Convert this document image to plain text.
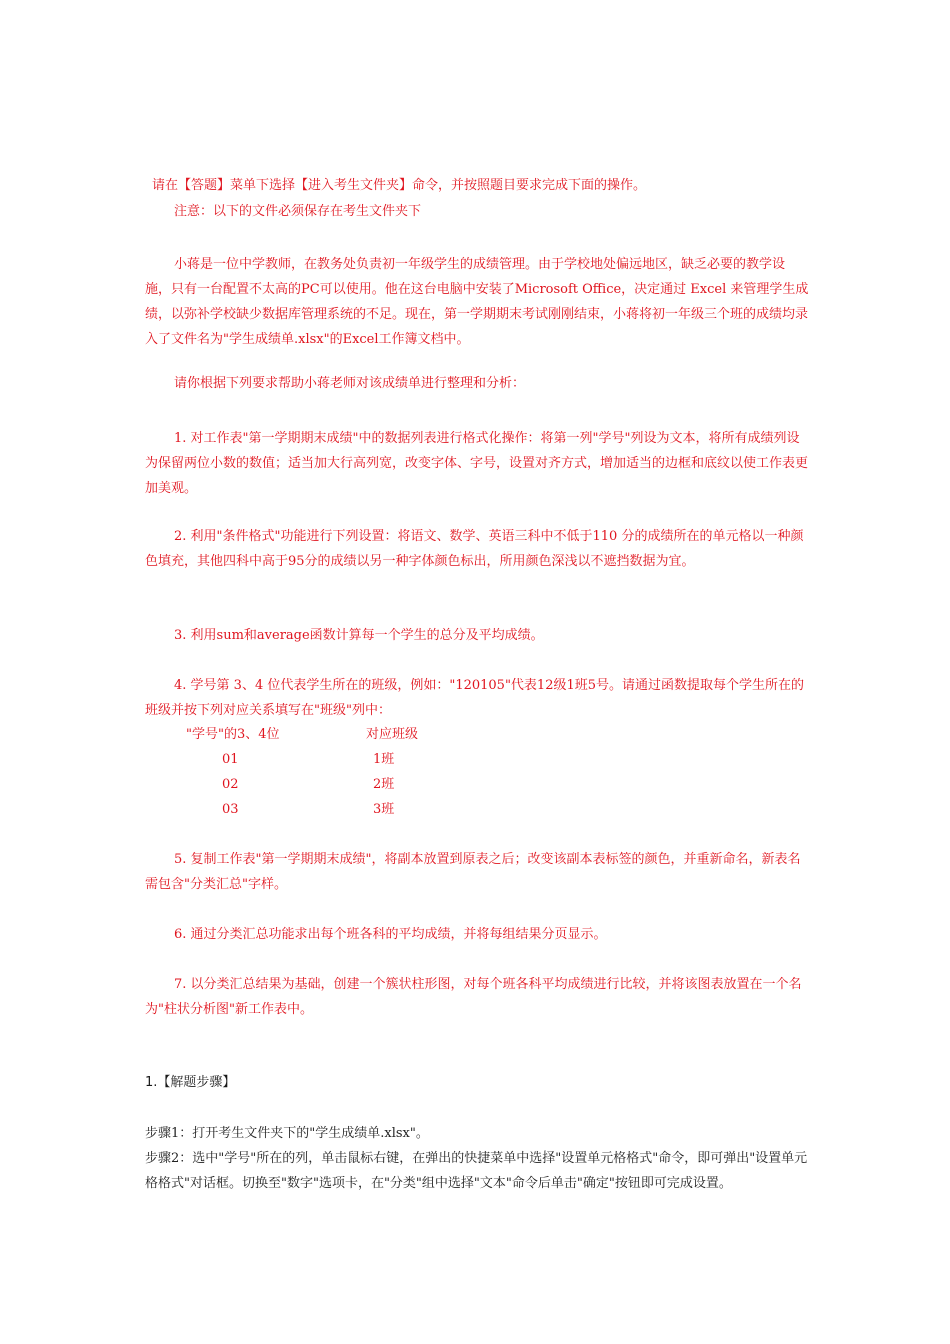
请在【答题】菜单下选择【进入考生文件夹】命令，并按照题目要求完成下面的操作。
注意：以下的文件必须保存在考生文件夹下
小蒋是一位中学教师，在教务处负责初一年级学生的成绩管理。由于学校地处偏远地区，缺乏必要的教学设施，只有一台配置不太高的PC可以使用。他在这台电脑中安装了Microsoft Office，决定通过 Excel 来管理学生成绩，以弥补学校缺少数据库管理系统的不足。现在，第一学期期末考试刚刚结束，小蒋将初一年级三个班的成绩均录入了文件名为"学生成绩单.xlsx"的Excel工作簿文档中。
请你根据下列要求帮助小蒋老师对该成绩单进行整理和分析：
1. 对工作表"第一学期期末成绩"中的数据列表进行格式化操作：将第一列"学号"列设为文本，将所有成绩列设为保留两位小数的数值；适当加大行高列宽，改变字体、字号，设置对齐方式，增加适当的边框和底纹以使工作表更加美观。
2. 利用"条件格式"功能进行下列设置：将语文、数学、英语三科中不低于110 分的成绩所在的单元格以一种颜色填充，其他四科中高于95分的成绩以另一种字体颜色标出，所用颜色深浅以不遮挡数据为宜。
3. 利用sum和average函数计算每一个学生的总分及平均成绩。
4. 学号第 3、4 位代表学生所在的班级，例如："120105"代表12级1班5号。请通过函数提取每个学生所在的班级并按下列对应关系填写在"班级"列中：
"学号"的3、4位	对应班级
01	1班
02	2班
03	3班
5. 复制工作表"第一学期期末成绩"，将副本放置到原表之后；改变该副本表标签的颜色，并重新命名，新表名需包含"分类汇总"字样。
6. 通过分类汇总功能求出每个班各科的平均成绩，并将每组结果分页显示。
7. 以分类汇总结果为基础，创建一个簇状柱形图，对每个班各科平均成绩进行比较，并将该图表放置在一个名为"柱状分析图"新工作表中。
1.【解题步骤】
步骤1：打开考生文件夹下的"学生成绩单.xlsx"。
步骤2：选中"学号"所在的列，单击鼠标右键，在弹出的快捷菜单中选择"设置单元格格式"命令，即可弹出"设置单元格格式"对话框。切换至"数字"选项卡，在"分类"组中选择"文本"命令后单击"确定"按钮即可完成设置。
